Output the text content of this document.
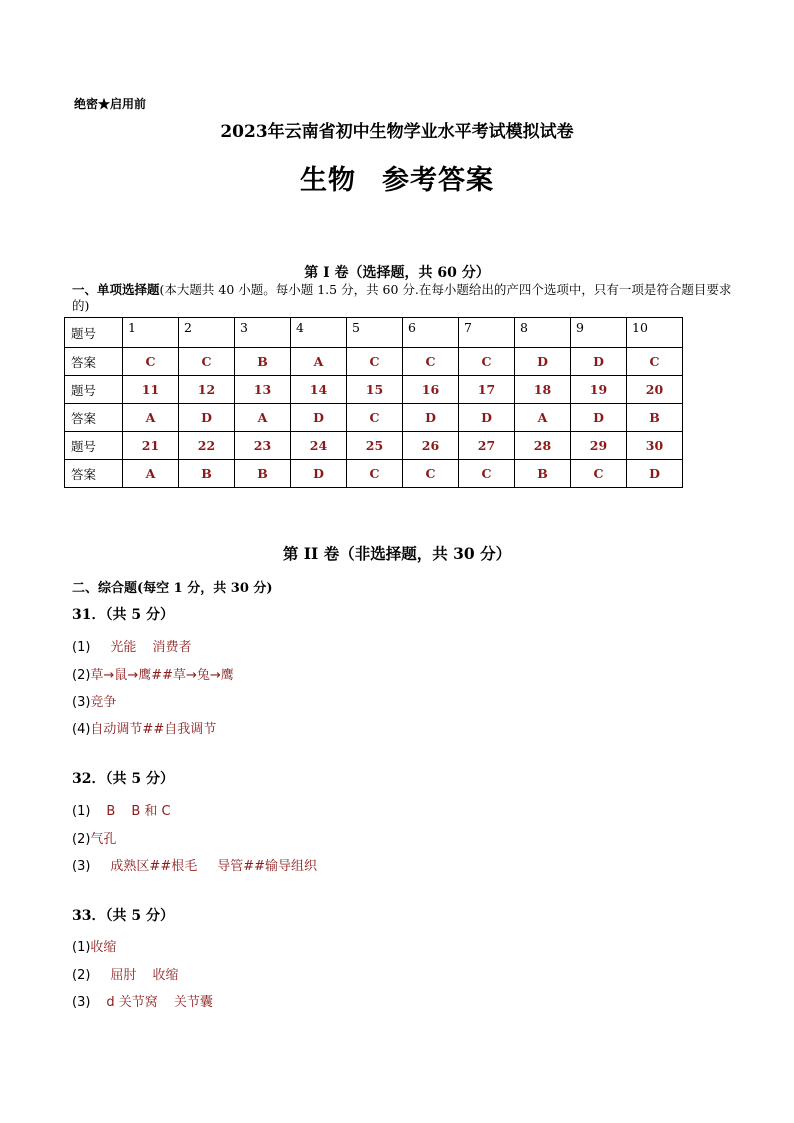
绝密★启用前
2023年云南省初中生物学业水平考试模拟试卷
生物 参考答案
第 I 卷（选择题，共 60 分）
一、单项选择题(本大题共 40 小题。每小题 1.5 分，共 60 分.在每小题给出的产四个选项中，只有一项是符合题目要求的)
题号	1	2	3	4	5	6	7	8	9	10
答案	C	C	B	A	C	C	C	D	D	C
题号	11	12	13	14	15	16	17	18	19	20
答案	A	D	A	D	C	D	D	A	D	B
题号	21	22	23	24	25	26	27	28	29	30
答案	A	B	B	D	C	C	C	B	C	D
第 II 卷（非选择题，共 30 分）
二、综合题(每空 1 分，共 30 分)
31．（共 5 分）
(1) 光能 消费者
(2)草→鼠→鹰##草→兔→鹰
(3)竞争
(4)自动调节##自我调节
32．（共 5 分）
(1) B B 和 C
(2)气孔
(3) 成熟区##根毛 导管##输导组织
33．（共 5 分）
(1)收缩
(2) 屈肘 收缩
(3) d 关节窝 关节囊
